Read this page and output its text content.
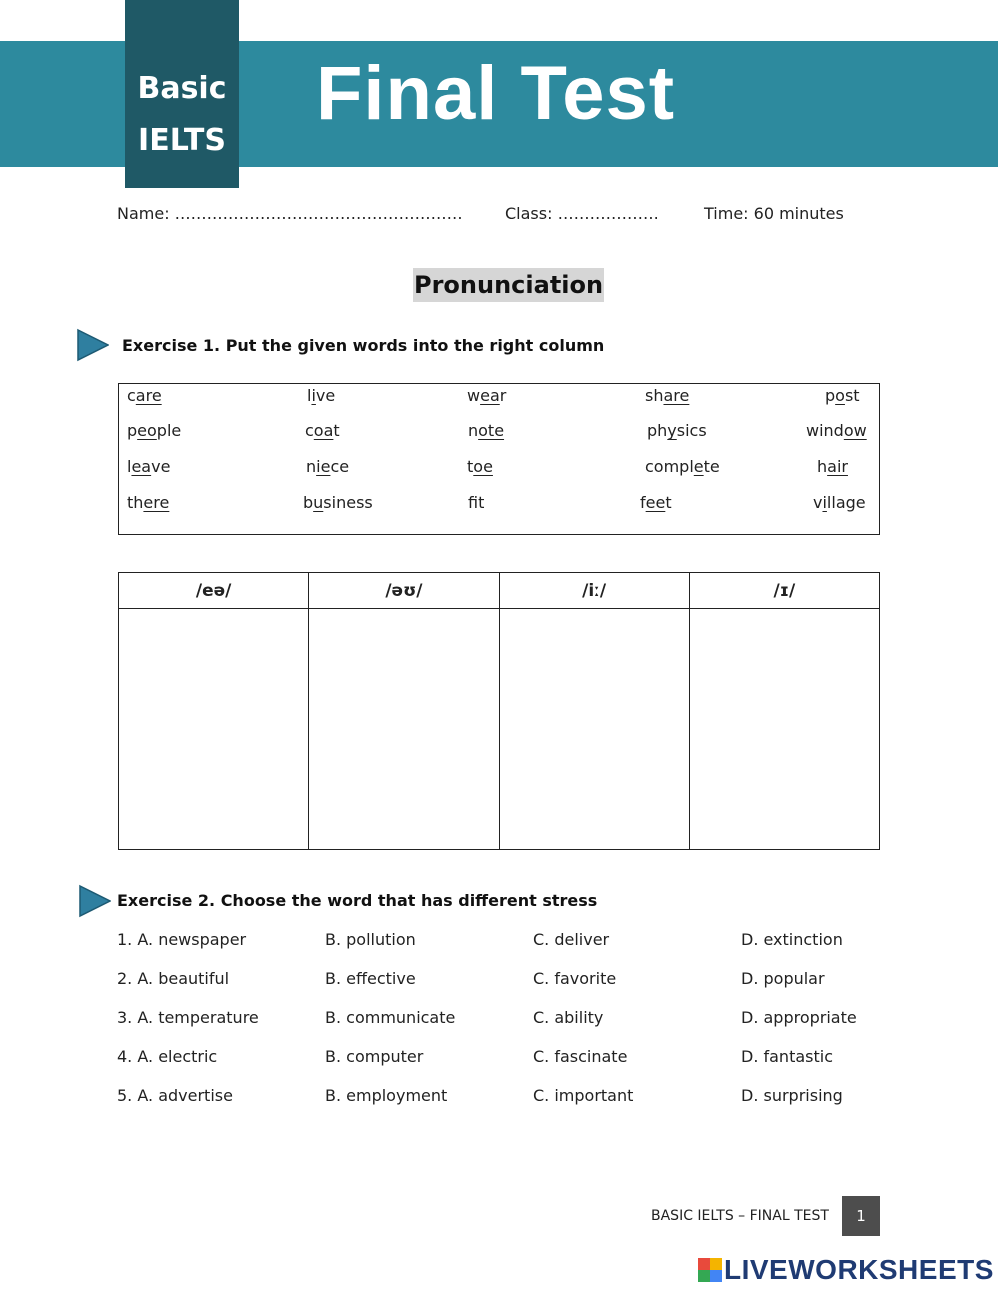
Basic
IELTS
Final Test
Name: ………………………………………………	Class: ……………….	Time: 60 minutes
Pronunciation
Exercise 1. Put the given words into the right column
care	live	wear	share	post
people	coat	note	physics	window
leave	niece	toe	complete	hair
there	business	ft	feet	village
/eə/	/əʊ/	/iː/	/ɪ/

Exercise 2. Choose the word that has different stress
1. A. newspaper	B. pollution	C. deliver	D. extinction
2. A. beautiful	B. effective	C. favorite	D. popular
3. A. temperature	B. communicate	C. ability	D. appropriate
4. A. electric	B. computer	C. fascinate	D. fantastic
5. A. advertise	B. employment	C. important	D. surprising
BASIC IELTS – FINAL TEST	1
LIVEWORKSHEETS
